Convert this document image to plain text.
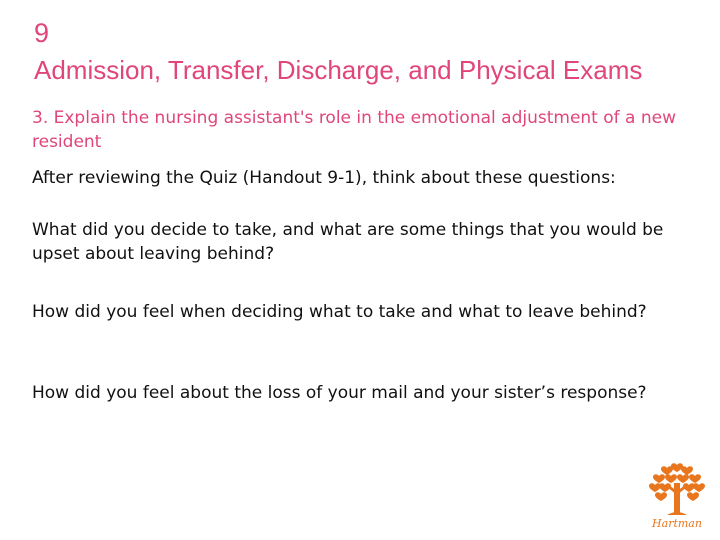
9
Admission, Transfer, Discharge, and Physical Exams

3. Explain the nursing assistant's role in the emotional adjustment of a new resident

After reviewing the Quiz (Handout 9-1), think about these questions:

What did you decide to take, and what are some things that you would be upset about leaving behind?

How did you feel when deciding what to take and what to leave behind?

How did you feel about the loss of your mail and your sister’s response?

Hartman
